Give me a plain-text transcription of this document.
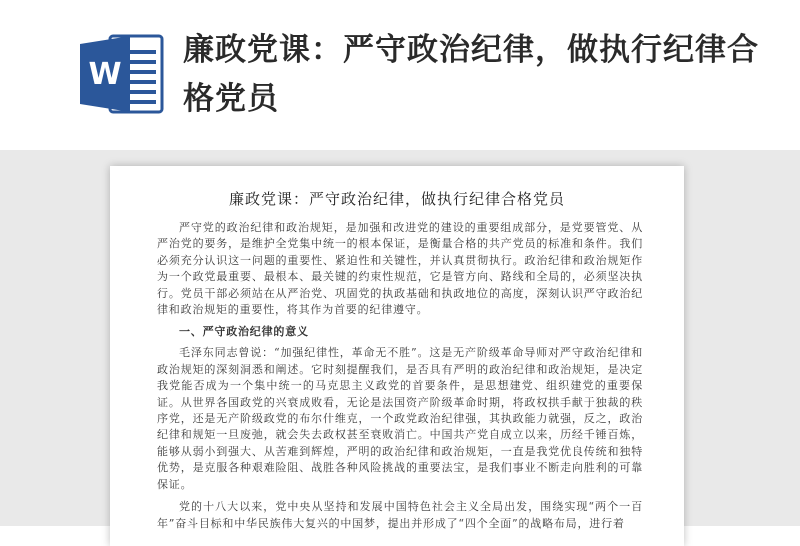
W
廉政党课：严守政治纪律，做执行纪律合格党员
廉政党课：严守政治纪律，做执行纪律合格党员

严守党的政治纪律和政治规矩，是加强和改进党的建设的重要组成部分，是党要管党、从严治党的要务，是维护全党集中统一的根本保证，是衡量合格的共产党员的标准和条件。我们必须充分认识这一问题的重要性、紧迫性和关键性，并认真贯彻执行。政治纪律和政治规矩作为一个政党最重要、最根本、最关键的约束性规范，它是管方向、路线和全局的，必须坚决执行。党员干部必须站在从严治党、巩固党的执政基础和执政地位的高度，深刻认识严守政治纪律和政治规矩的重要性，将其作为首要的纪律遵守。

一、严守政治纪律的意义

毛泽东同志曾说：“加强纪律性，革命无不胜”。这是无产阶级革命导师对严守政治纪律和政治规矩的深刻洞悉和阐述。它时刻提醒我们，是否具有严明的政治纪律和政治规矩，是决定我党能否成为一个集中统一的马克思主义政党的首要条件，是思想建党、组织建党的重要保证。从世界各国政党的兴衰成败看，无论是法国资产阶级革命时期，将政权拱手献于独裁的秩序党，还是无产阶级政党的布尔什维克，一个政党政治纪律强，其执政能力就强，反之，政治纪律和规矩一旦废弛，就会失去政权甚至衰败消亡。中国共产党自成立以来，历经千锤百炼，能够从弱小到强大、从苦难到辉煌，严明的政治纪律和政治规矩，一直是我党优良传统和独特优势，是克服各种艰难险阻、战胜各种风险挑战的重要法宝，是我们事业不断走向胜利的可靠保证。

党的十八大以来，党中央从坚持和发展中国特色社会主义全局出发，围绕实现“两个一百年”奋斗目标和中华民族伟大复兴的中国梦，提出并形成了“四个全面”的战略布局，进行着
